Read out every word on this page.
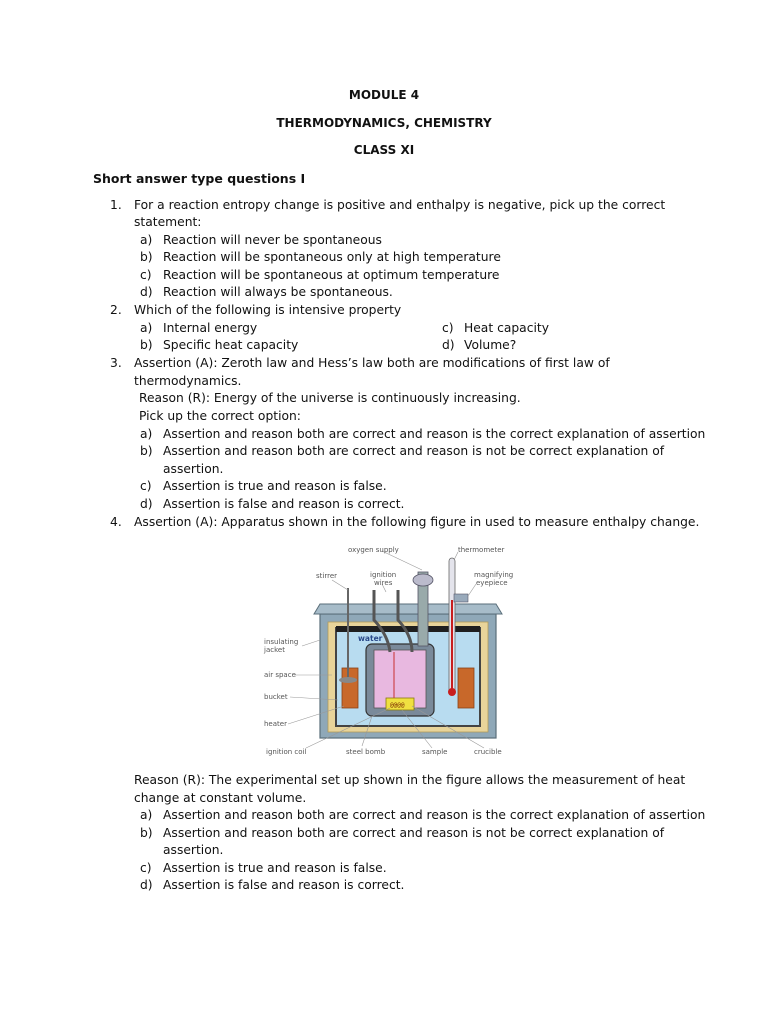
MODULE 4
THERMODYNAMICS, CHEMISTRY
CLASS XI
Short answer type questions I
1. For a reaction entropy change is positive and enthalpy is negative, pick up the correct
statement:
a) Reaction will never be spontaneous
b) Reaction will be spontaneous only at high temperature
c) Reaction will be spontaneous at optimum temperature
d) Reaction will always be spontaneous.
2. Which of the following is intensive property
a) Internal energy	c) Heat capacity
b) Specific heat capacity	d) Volume?
3. Assertion (A): Zeroth law and Hess’s law both are modifications of first law of
thermodynamics.
Reason (R): Energy of the universe is continuously increasing.
Pick up the correct option:
a) Assertion and reason both are correct and reason is the correct explanation of assertion
b) Assertion and reason both are correct and reason is not be correct explanation of
assertion.
c) Assertion is true and reason is false.
d) Assertion is false and reason is correct.
4. Assertion (A): Apparatus shown in the following figure in used to measure enthalpy change.
@@@@
oxygen supply	thermometer
stirrer	ignition
wires
magnifying
eyepiece
insulating
jacket
water
air space
bucket
heater
ignition coil	steel bomb	sample	crucible
Reason (R): The experimental set up shown in the figure allows the measurement of heat
change at constant volume.
a) Assertion and reason both are correct and reason is the correct explanation of assertion
b) Assertion and reason both are correct and reason is not be correct explanation of
assertion.
c) Assertion is true and reason is false.
d) Assertion is false and reason is correct.
